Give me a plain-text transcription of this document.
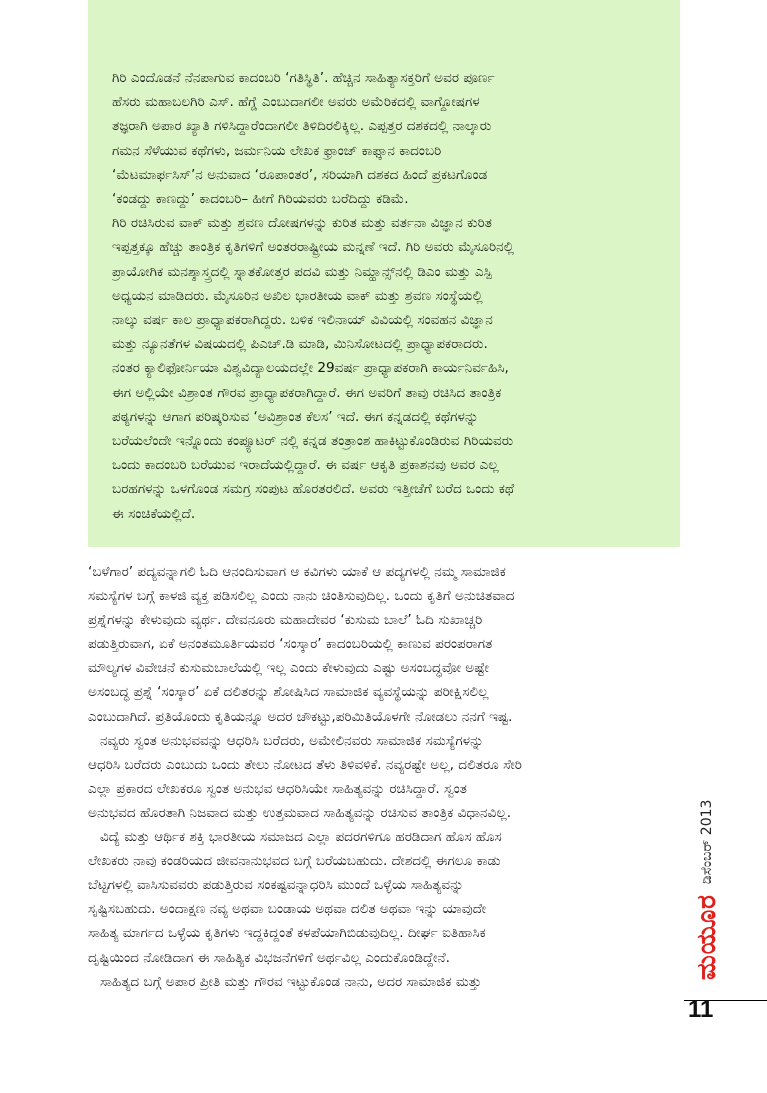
ಗಿರಿ ಎಂದೊಡನೆ ನೆನಪಾಗುವ ಕಾದಂಬರಿ ‘ಗತಿಸ್ಥಿತಿ’. ಹೆಚ್ಚಿನ ಸಾಹಿತ್ಯಾಸಕ್ತರಿಗೆ ಅವರ ಪೂರ್ಣ
ಹೆಸರು ಮಹಾಬಲಗಿರಿ ಎಸ್. ಹೆಗ್ಡೆ ಎಂಬುದಾಗಲೀ ಅವರು ಅಮೆರಿಕದಲ್ಲಿ ವಾಗ್ದೋಷಗಳ
ತಜ್ಞರಾಗಿ ಅಪಾರ ಖ್ಯಾತಿ ಗಳಿಸಿದ್ದಾರೆಂದಾಗಲೀ ತಿಳಿದಿರಲಿಕ್ಕಿಲ್ಲ. ಎಪ್ಪತ್ತರ ದಶಕದಲ್ಲಿ ನಾಲ್ಕಾರು
ಗಮನ ಸೆಳೆಯುವ ಕಥೆಗಳು, ಜರ್ಮನಿಯ ಲೇಖಕ ಫ್ರಾಂಜ್ ಕಾಫ್ಕಾನ ಕಾದಂಬರಿ
‘ಮೆಟಮಾರ್ಫಸಿಸ್’ನ ಅನುವಾದ ‘ರೂಪಾಂತರ’, ಸರಿಯಾಗಿ ದಶಕದ ಹಿಂದೆ ಪ್ರಕಟಗೊಂಡ
‘ಕಂಡದ್ದು ಕಾಣದ್ದು’ ಕಾದಂಬರಿ– ಹೀಗೆ ಗಿರಿಯವರು ಬರೆದಿದ್ದು ಕಡಿಮೆ.
ಗಿರಿ ರಚಿಸಿರುವ ವಾಕ್ ಮತ್ತು ಶ್ರವಣ ದೋಷಗಳನ್ನು ಕುರಿತ ಮತ್ತು ವರ್ತನಾ ವಿಜ್ಞಾನ ಕುರಿತ
ಇಪ್ಪತ್ತಕ್ಕೂ ಹೆಚ್ಚು ತಾಂತ್ರಿಕ ಕೃತಿಗಳಿಗೆ ಅಂತರರಾಷ್ಟ್ರೀಯ ಮನ್ನಣೆ ಇದೆ. ಗಿರಿ ಅವರು ಮೈಸೂರಿನಲ್ಲಿ
ಪ್ರಾಯೋಗಿಕ ಮನಶ್ಶಾಸ್ತ್ರದಲ್ಲಿ ಸ್ನಾತಕೋತ್ತರ ಪದವಿ ಮತ್ತು ನಿಮ್ಹಾನ್ಸ್‌ನಲ್ಲಿ ಡಿಎಂ ಮತ್ತು ಎಸ್ಪಿ
ಅಧ್ಯಯನ ಮಾಡಿದರು. ಮೈಸೂರಿನ ಅಖಿಲ ಭಾರತೀಯ ವಾಕ್ ಮತ್ತು ಶ್ರವಣ ಸಂಸ್ಥೆಯಲ್ಲಿ
ನಾಲ್ಕು ವರ್ಷ ಕಾಲ ಪ್ರಾಧ್ಯಾಪಕರಾಗಿದ್ದರು. ಬಳಿಕ ಇಲಿನಾಯ್ ವಿವಿಯಲ್ಲಿ ಸಂವಹನ ವಿಜ್ಞಾನ
ಮತ್ತು ನ್ಯೂನತೆಗಳ ವಿಷಯದಲ್ಲಿ ಪಿಎಚ್.ಡಿ ಮಾಡಿ, ಮಿನಿಸೋಟದಲ್ಲಿ ಪ್ರಾಧ್ಯಾಪಕರಾದರು.
ನಂತರ ಕ್ಯಾಲಿಫೋರ್ನಿಯಾ ವಿಶ್ವವಿದ್ಯಾಲಯದಲ್ಲೇ 29ವರ್ಷ ಪ್ರಾಧ್ಯಾಪಕರಾಗಿ ಕಾರ್ಯನಿರ್ವಹಿಸಿ,
ಈಗ ಅಲ್ಲಿಯೇ ವಿಶ್ರಾಂತ ಗೌರವ ಪ್ರಾಧ್ಯಾಪಕರಾಗಿದ್ದಾರೆ. ಈಗ ಅವರಿಗೆ ತಾವು ರಚಿಸಿದ ತಾಂತ್ರಿಕ
ಪಠ್ಯಗಳನ್ನು ಆಗಾಗ ಪರಿಷ್ಕರಿಸುವ ‘ಅವಿಶ್ರಾಂತ ಕೆಲಸ’ ಇದೆ. ಈಗ ಕನ್ನಡದಲ್ಲಿ ಕಥೆಗಳನ್ನು
ಬರೆಯಲೆಂದೇ ಇನ್ನೊಂದು ಕಂಪ್ಯೂಟರ್ ನಲ್ಲಿ ಕನ್ನಡ ತಂತ್ರಾಂಶ ಹಾಕಿಟ್ಟುಕೊಂಡಿರುವ ಗಿರಿಯವರು
ಒಂದು ಕಾದಂಬರಿ ಬರೆಯುವ ಇರಾದೆಯಲ್ಲಿದ್ದಾರೆ. ಈ ವರ್ಷ ಆಕೃತಿ ಪ್ರಕಾಶನವು ಅವರ ಎಲ್ಲ
ಬರಹಗಳನ್ನು ಒಳಗೊಂಡ ಸಮಗ್ರ ಸಂಪುಟ ಹೊರತರಲಿದೆ. ಅವರು ಇತ್ತೀಚೆಗೆ ಬರೆದ ಒಂದು ಕಥೆ
ಈ ಸಂಚಿಕೆಯಲ್ಲಿದೆ.

‘ಬಳೆಗಾರ’ ಪದ್ಯವನ್ನಾಗಲಿ ಓದಿ ಆನಂದಿಸುವಾಗ ಆ ಕವಿಗಳು ಯಾಕೆ ಆ ಪದ್ಯಗಳಲ್ಲಿ ನಮ್ಮ ಸಾಮಾಜಿಕ
ಸಮಸ್ಯೆಗಳ ಬಗ್ಗೆ ಕಾಳಜಿ ವ್ಯಕ್ತ ಪಡಿಸಲಿಲ್ಲ ಎಂದು ನಾನು ಚಿಂತಿಸುವುದಿಲ್ಲ. ಒಂದು ಕೃತಿಗೆ ಅನುಚಿತವಾದ
ಪ್ರಶ್ನೆಗಳನ್ನು ಕೇಳುವುದು ವ್ಯರ್ಥ. ದೇವನೂರು ಮಹಾದೇವರ ‘ಕುಸುಮ ಬಾಲೆ’ ಓದಿ ಸುಖಾಚ್ಚರಿ
ಪಡುತ್ತಿರುವಾಗ, ಏಕೆ ಅನಂತಮೂರ್ತಿಯವರ ‘ಸಂಸ್ಕಾರ’ ಕಾದಂಬರಿಯಲ್ಲಿ ಕಾಣುವ ಪರಂಪರಾಗತ
ಮೌಲ್ಯಗಳ ವಿವೇಚನೆ ಕುಸುಮಬಾಲೆಯಲ್ಲಿ ಇಲ್ಲ ಎಂದು ಕೇಳುವುದು ಎಷ್ಟು ಅಸಂಬದ್ಧವೋ ಅಷ್ಟೇ
ಅಸಂಬದ್ಧ ಪ್ರಶ್ನೆ ‘ಸಂಸ್ಕಾರ’ ಏಕೆ ದಲಿತರನ್ನು ಶೋಷಿಸಿದ ಸಾಮಾಜಿಕ ವ್ಯವಸ್ಥೆಯನ್ನು ಪರೀಕ್ಷಿಸಲಿಲ್ಲ
ಎಂಬುದಾಗಿದೆ. ಪ್ರತಿಯೊಂದು ಕೃತಿಯನ್ನೂ ಅದರ ಚೌಕಟ್ಟು,ಪರಿಮಿತಿಯೊಳಗೇ ನೋಡಲು ನನಗೆ ಇಷ್ಟ.

ನವ್ಯರು ಸ್ವಂತ ಅನುಭವವನ್ನು ಆಧರಿಸಿ ಬರೆದರು, ಅಮೇಲಿನವರು ಸಾಮಾಜಿಕ ಸಮಸ್ಯೆಗಳನ್ನು
ಆಧರಿಸಿ ಬರೆದರು ಎಂಬುದು ಒಂದು ತೇಲು ನೋಟದ ತೆಳು ತಿಳಿವಳಿಕೆ. ನವ್ಯರಷ್ಟೇ ಅಲ್ಲ, ದಲಿತರೂ ಸೇರಿ
ಎಲ್ಲಾ ಪ್ರಕಾರದ ಲೇಖಕರೂ ಸ್ವಂತ ಅನುಭವ ಆಧರಿಸಿಯೇ ಸಾಹಿತ್ಯವನ್ನು ರಚಿಸಿದ್ದಾರೆ. ಸ್ವಂತ
ಅನುಭವದ ಹೊರತಾಗಿ ನಿಜವಾದ ಮತ್ತು ಉತ್ತಮವಾದ ಸಾಹಿತ್ಯವನ್ನು ರಚಿಸುವ ತಾಂತ್ರಿಕ ವಿಧಾನವಿಲ್ಲ.

ವಿದ್ಯೆ ಮತ್ತು ಆರ್ಥಿಕ ಶಕ್ತಿ ಭಾರತೀಯ ಸಮಾಜದ ಎಲ್ಲಾ ಪದರಗಳಿಗೂ ಹರಡಿದಾಗ ಹೊಸ ಹೊಸ
ಲೇಖಕರು ನಾವು ಕಂಡರಿಯದ ಜೀವನಾನುಭವದ ಬಗ್ಗೆ ಬರೆಯಬಹುದು. ದೇಶದಲ್ಲಿ ಈಗಲೂ ಕಾಡು
ಬೆಟ್ಟಗಳಲ್ಲಿ ವಾಸಿಸುವವರು ಪಡುತ್ತಿರುವ ಸಂಕಷ್ಟವನ್ನಾಧರಿಸಿ ಮುಂದೆ ಒಳ್ಳೆಯ ಸಾಹಿತ್ಯವನ್ನು
ಸೃಷ್ಟಿಸಬಹುದು. ಅಂದಾಕ್ಷಣ ನವ್ಯ ಅಥವಾ ಬಂಡಾಯ ಅಥವಾ ದಲಿತ ಅಥವಾ ಇನ್ನು ಯಾವುದೇ
ಸಾಹಿತ್ಯ ಮಾರ್ಗದ ಒಳ್ಳೆಯ ಕೃತಿಗಳು ಇದ್ದಕಿದ್ದಂತೆ ಕಳಪೆಯಾಗಿಬಿಡುವುದಿಲ್ಲ. ದೀರ್ಘ ಐತಿಹಾಸಿಕ
ದೃಷ್ಟಿಯಿಂದ ನೋಡಿದಾಗ ಈ ಸಾಹಿತ್ಯಿಕ ವಿಭಜನೆಗಳಿಗೆ ಅರ್ಥವಿಲ್ಲ ಎಂದುಕೊಂಡಿದ್ದೇನೆ.

ಸಾಹಿತ್ಯದ ಬಗ್ಗೆ ಅಪಾರ ಪ್ರೀತಿ ಮತ್ತು ಗೌರವ ಇಟ್ಟುಕೊಂಡ ನಾನು, ಅದರ ಸಾಮಾಜಿಕ ಮತ್ತು

ಮಯೂರ
ಡಿಸೆಂಬರ್ 2013
11
